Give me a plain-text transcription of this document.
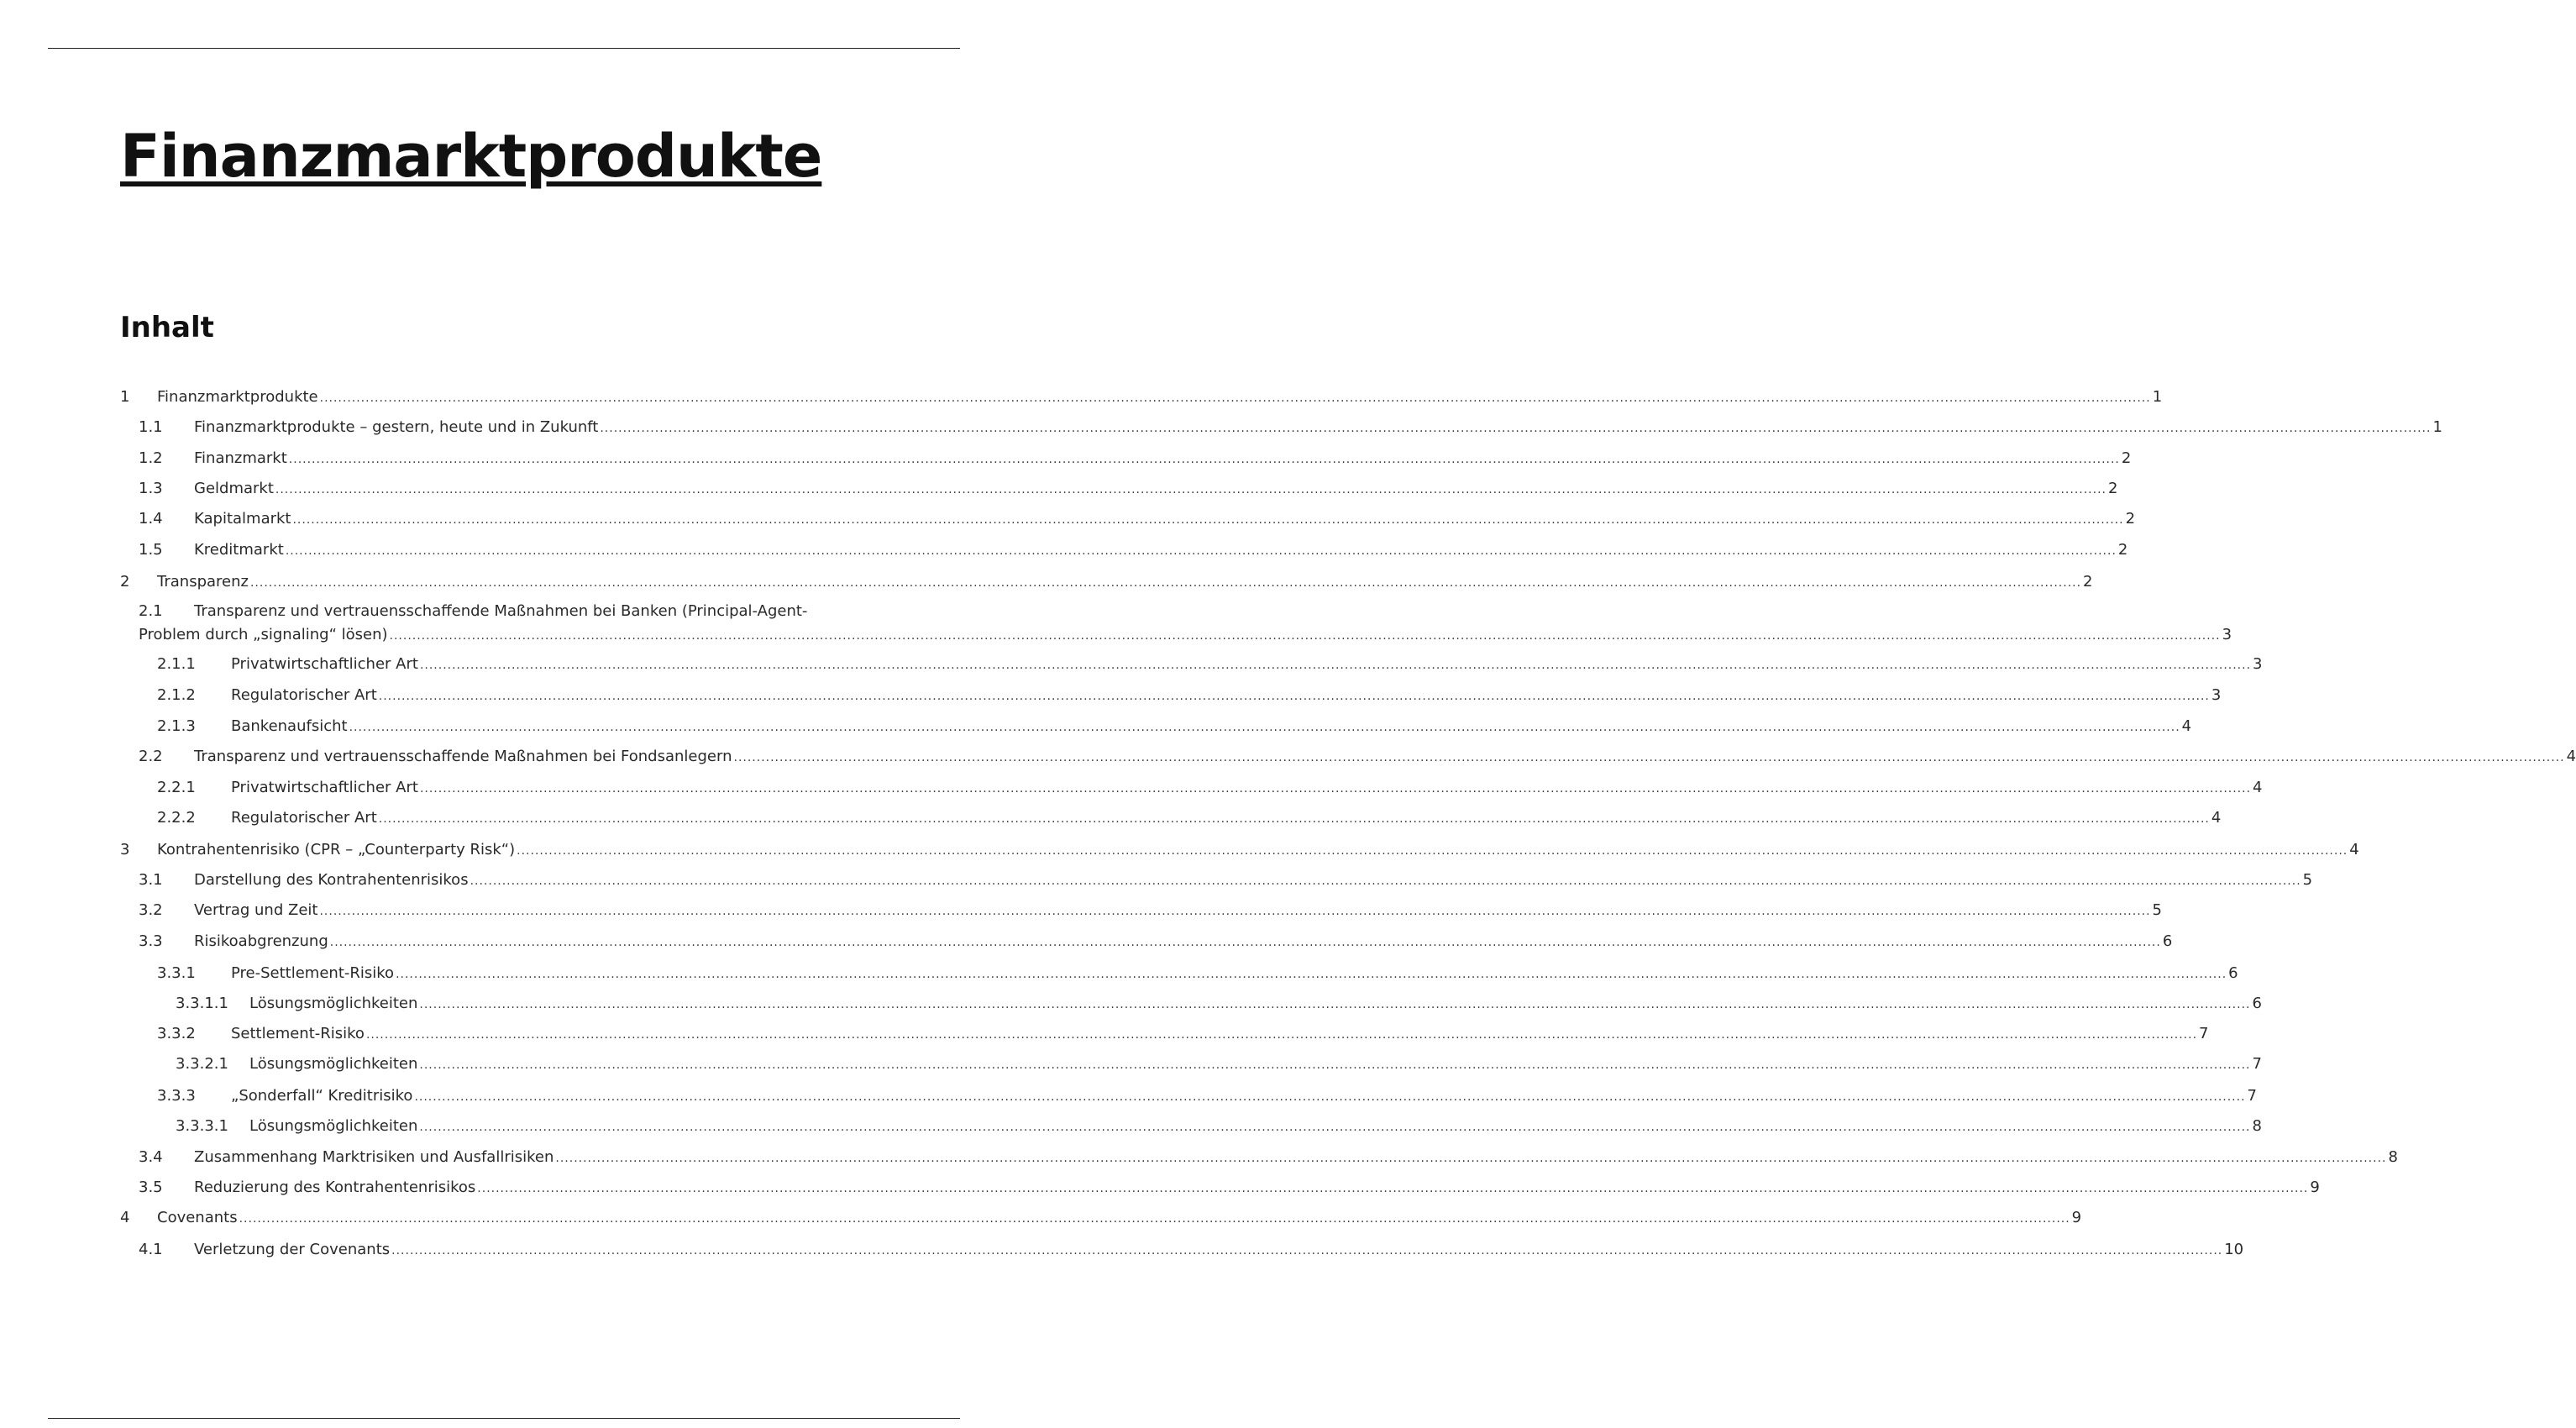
Finanzmarktprodukte
Inhalt
1 Finanzmarktprodukte ................................................................................................................................................................................................................................................................................................................................................................................................................ 1
1.1 Finanzmarktprodukte – gestern, heute und in Zukunft ................................................................................................................................................................................................................................................................................................................................................................................................................ 1
1.2 Finanzmarkt ................................................................................................................................................................................................................................................................................................................................................................................................................ 2
1.3 Geldmarkt ................................................................................................................................................................................................................................................................................................................................................................................................................ 2
1.4 Kapitalmarkt ................................................................................................................................................................................................................................................................................................................................................................................................................ 2
1.5 Kreditmarkt ................................................................................................................................................................................................................................................................................................................................................................................................................ 2
2 Transparenz ................................................................................................................................................................................................................................................................................................................................................................................................................ 2
2.1 Transparenz und vertrauensschaffende Maßnahmen bei Banken (Principal-Agent-
Problem durch „signaling“ lösen) ................................................................................................................................................................................................................................................................................................................................................................................................................ 3
2.1.1 Privatwirtschaftlicher Art ................................................................................................................................................................................................................................................................................................................................................................................................................ 3
2.1.2 Regulatorischer Art ................................................................................................................................................................................................................................................................................................................................................................................................................ 3
2.1.3 Bankenaufsicht ................................................................................................................................................................................................................................................................................................................................................................................................................ 4
2.2 Transparenz und vertrauensschaffende Maßnahmen bei Fondsanlegern ................................................................................................................................................................................................................................................................................................................................................................................................................ 4
2.2.1 Privatwirtschaftlicher Art ................................................................................................................................................................................................................................................................................................................................................................................................................ 4
2.2.2 Regulatorischer Art ................................................................................................................................................................................................................................................................................................................................................................................................................ 4
3 Kontrahentenrisiko (CPR – „Counterparty Risk“) ................................................................................................................................................................................................................................................................................................................................................................................................................ 4
3.1 Darstellung des Kontrahentenrisikos ................................................................................................................................................................................................................................................................................................................................................................................................................ 5
3.2 Vertrag und Zeit ................................................................................................................................................................................................................................................................................................................................................................................................................ 5
3.3 Risikoabgrenzung ................................................................................................................................................................................................................................................................................................................................................................................................................ 6
3.3.1 Pre-Settlement-Risiko ................................................................................................................................................................................................................................................................................................................................................................................................................ 6
3.3.1.1 Lösungsmöglichkeiten ................................................................................................................................................................................................................................................................................................................................................................................................................ 6
3.3.2 Settlement-Risiko ................................................................................................................................................................................................................................................................................................................................................................................................................ 7
3.3.2.1 Lösungsmöglichkeiten ................................................................................................................................................................................................................................................................................................................................................................................................................ 7
3.3.3 „Sonderfall“ Kreditrisiko ................................................................................................................................................................................................................................................................................................................................................................................................................ 7
3.3.3.1 Lösungsmöglichkeiten ................................................................................................................................................................................................................................................................................................................................................................................................................ 8
3.4 Zusammenhang Marktrisiken und Ausfallrisiken ................................................................................................................................................................................................................................................................................................................................................................................................................ 8
3.5 Reduzierung des Kontrahentenrisikos ................................................................................................................................................................................................................................................................................................................................................................................................................ 9
4 Covenants ................................................................................................................................................................................................................................................................................................................................................................................................................ 9
4.1 Verletzung der Covenants ................................................................................................................................................................................................................................................................................................................................................................................................................ 10
